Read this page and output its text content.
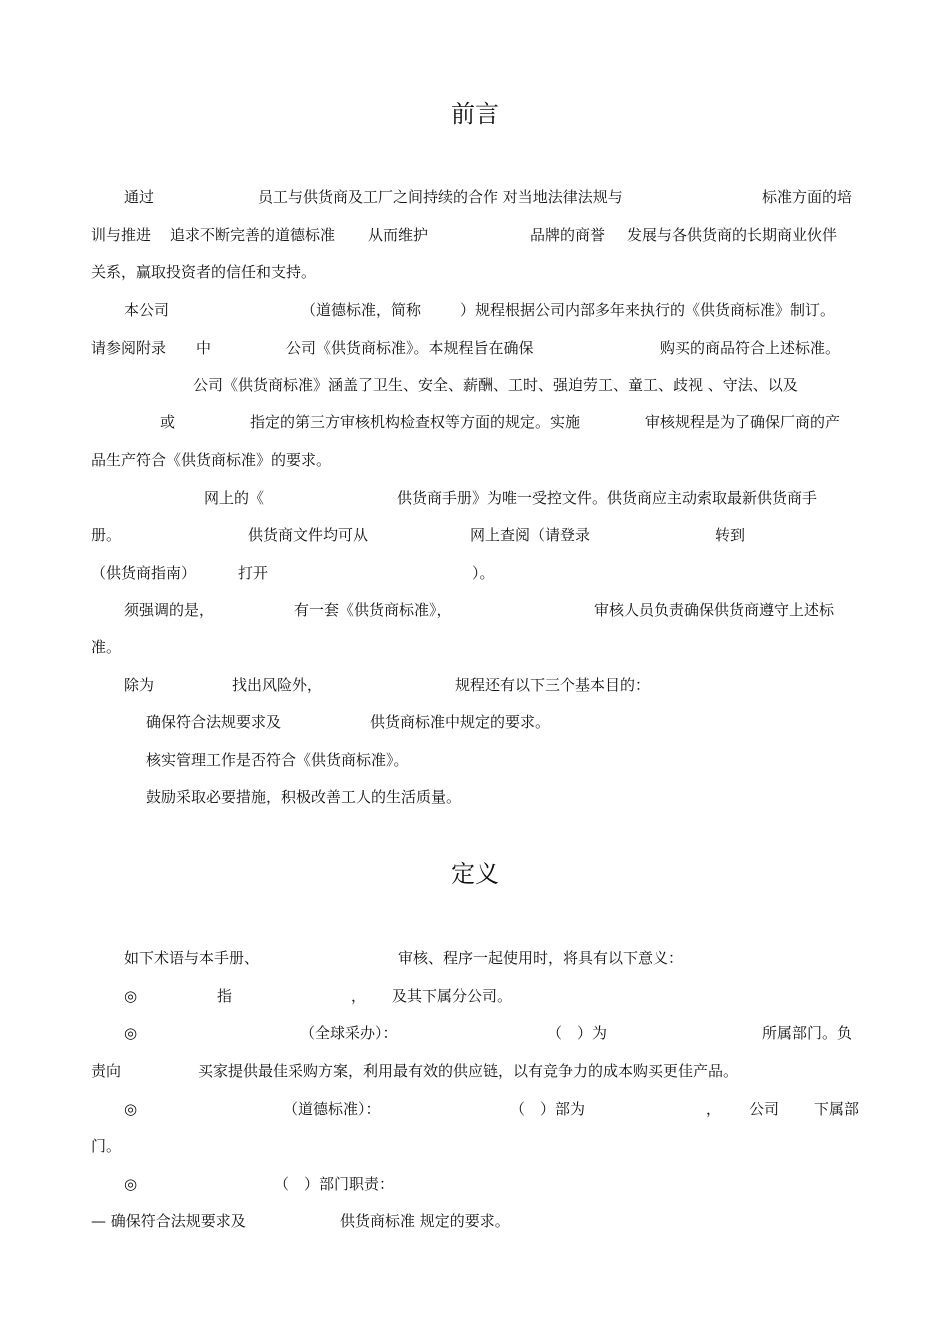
前言
通过	员工与供货商及工厂之间持续的合作 对当地法律法规与	标准方面的培
训与推进 追求不断完善的道德标准 从而维护	品牌的商誉 发展与各供货商的长期商业伙伴
关系，赢取投资者的信任和支持。
本公司	（道德标准，简称	）规程根据公司内部多年来执行的《供货商标准》制订。
请参阅附录 中	公司《供货商标准》。本规程旨在确保	购买的商品符合上述标准。
公司《供货商标准》涵盖了卫生、安全、薪酬、工时、强迫劳工、童工、歧视 、守法、以及
或	指定的第三方审核机构检查权等方面的规定。实施	审核规程是为了确保厂商的产
品生产符合《供货商标准》的要求。
网上的《	供货商手册》为唯一受控文件。供货商应主动索取最新供货商手
册。	供货商文件均可从	网上查阅（请登录	转到
（供货商指南）	打开	）。
须强调的是，	有一套《供货商标准》，	审核人员负责确保供货商遵守上述标
准。
除为	找出风险外，	规程还有以下三个基本目的：
确保符合法规要求及	供货商标准中规定的要求。
核实管理工作是否符合《供货商标准》。
鼓励采取必要措施，积极改善工人的生活质量。
定义
如下术语与本手册、	审核、程序一起使用时，将具有以下意义：
◎	指	， 及其下属分公司。
◎	（全球采办）：	（　）为	所属部门。负
责向	买家提供最佳采购方案，利用最有效的供应链，以有竞争力的成本购买更佳产品。
◎	（道德标准）：	（　）部为	， 公司 下属部
门。
◎	（　）部门职责：
— 确保符合法规要求及	供货商标准 规定的要求。
